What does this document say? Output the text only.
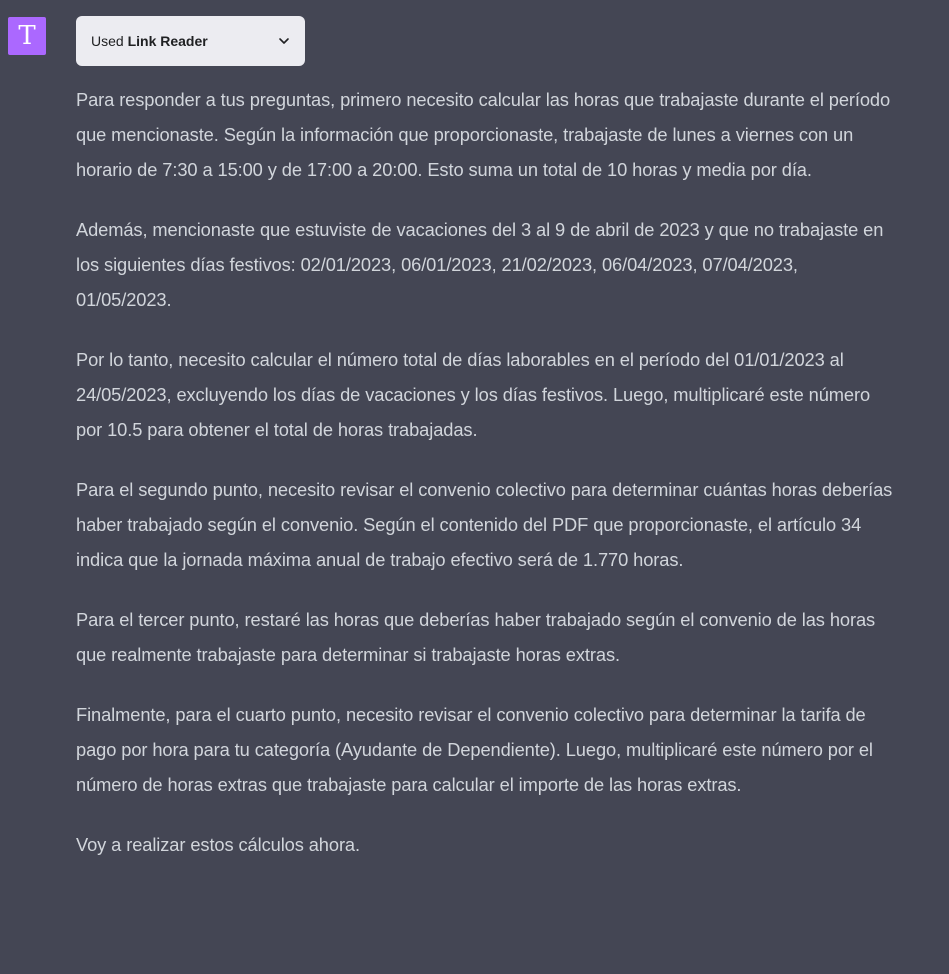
T	Used Link Reader

Para responder a tus preguntas, primero necesito calcular las horas que trabajaste durante el período que mencionaste. Según la información que proporcionaste, trabajaste de lunes a viernes con un horario de 7:30 a 15:00 y de 17:00 a 20:00. Esto suma un total de 10 horas y media por día.

Además, mencionaste que estuviste de vacaciones del 3 al 9 de abril de 2023 y que no trabajaste en los siguientes días festivos: 02/01/2023, 06/01/2023, 21/02/2023, 06/04/2023, 07/04/2023, 01/05/2023.

Por lo tanto, necesito calcular el número total de días laborables en el período del 01/01/2023 al 24/05/2023, excluyendo los días de vacaciones y los días festivos. Luego, multiplicaré este número por 10.5 para obtener el total de horas trabajadas.

Para el segundo punto, necesito revisar el convenio colectivo para determinar cuántas horas deberías haber trabajado según el convenio. Según el contenido del PDF que proporcionaste, el artículo 34 indica que la jornada máxima anual de trabajo efectivo será de 1.770 horas.

Para el tercer punto, restaré las horas que deberías haber trabajado según el convenio de las horas que realmente trabajaste para determinar si trabajaste horas extras.

Finalmente, para el cuarto punto, necesito revisar el convenio colectivo para determinar la tarifa de pago por hora para tu categoría (Ayudante de Dependiente). Luego, multiplicaré este número por el número de horas extras que trabajaste para calcular el importe de las horas extras.

Voy a realizar estos cálculos ahora.
